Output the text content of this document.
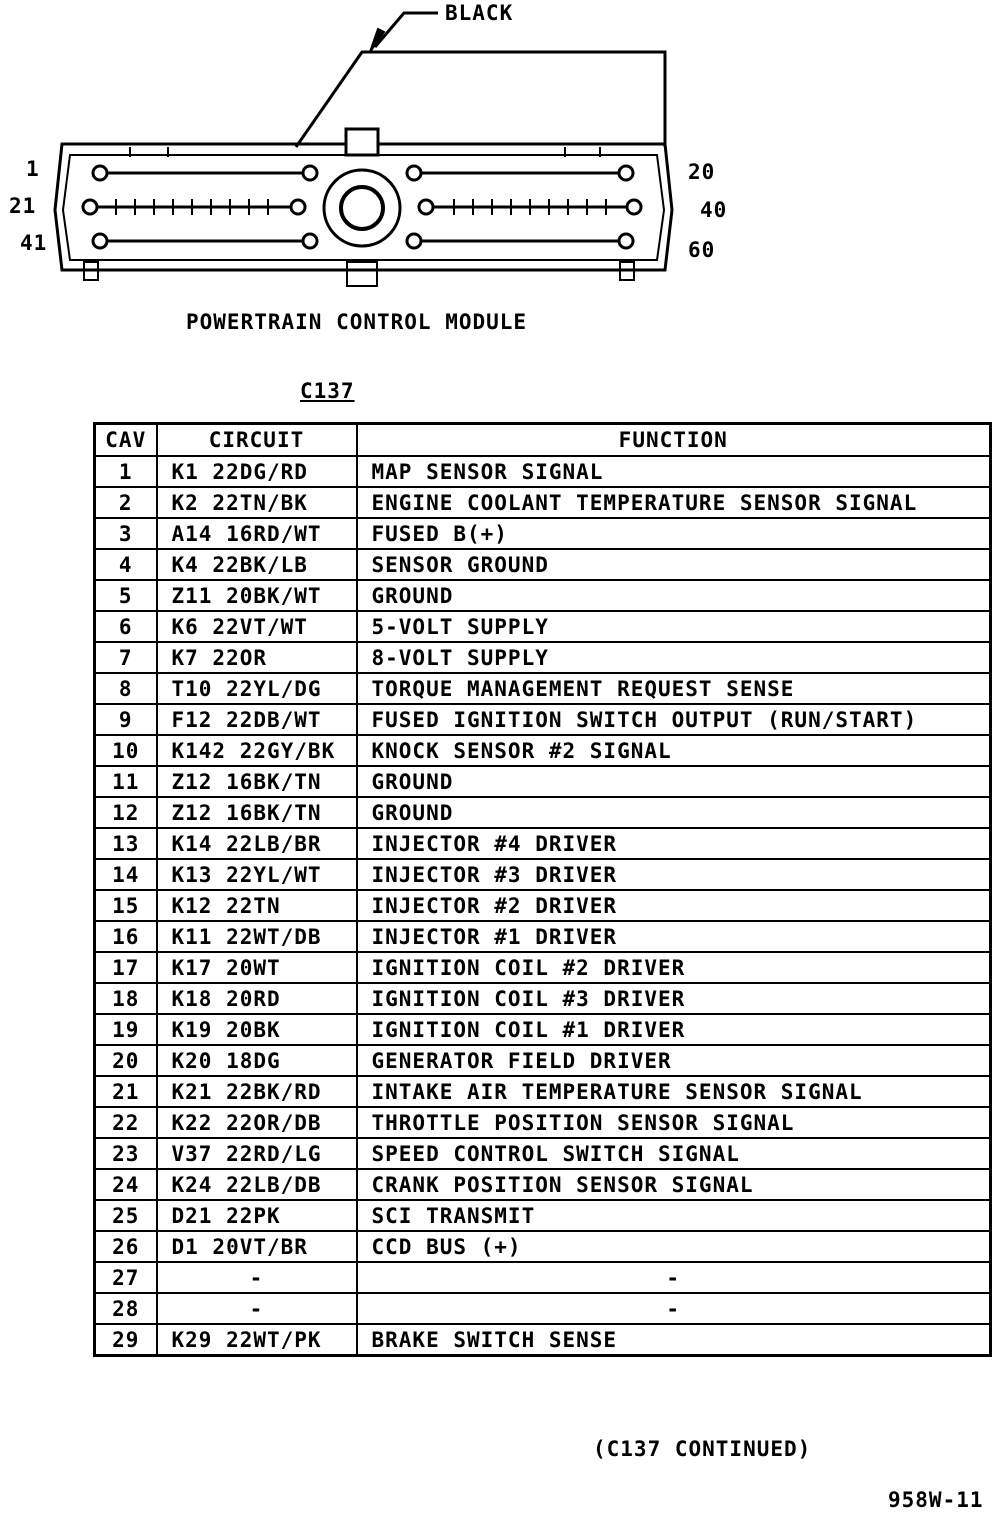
BLACK
1
21
41
20
40
60
POWERTRAIN CONTROL MODULE
C137
CAV	CIRCUIT	FUNCTION
1	K1 22DG/RD	MAP SENSOR SIGNAL
2	K2 22TN/BK	ENGINE COOLANT TEMPERATURE SENSOR SIGNAL
3	A14 16RD/WT	FUSED B(+)
4	K4 22BK/LB	SENSOR GROUND
5	Z11 20BK/WT	GROUND
6	K6 22VT/WT	5-VOLT SUPPLY
7	K7 22OR	8-VOLT SUPPLY
8	T10 22YL/DG	TORQUE MANAGEMENT REQUEST SENSE
9	F12 22DB/WT	FUSED IGNITION SWITCH OUTPUT (RUN/START)
10	K142 22GY/BK	KNOCK SENSOR #2 SIGNAL
11	Z12 16BK/TN	GROUND
12	Z12 16BK/TN	GROUND
13	K14 22LB/BR	INJECTOR #4 DRIVER
14	K13 22YL/WT	INJECTOR #3 DRIVER
15	K12 22TN	INJECTOR #2 DRIVER
16	K11 22WT/DB	INJECTOR #1 DRIVER
17	K17 20WT	IGNITION COIL #2 DRIVER
18	K18 20RD	IGNITION COIL #3 DRIVER
19	K19 20BK	IGNITION COIL #1 DRIVER
20	K20 18DG	GENERATOR FIELD DRIVER
21	K21 22BK/RD	INTAKE AIR TEMPERATURE SENSOR SIGNAL
22	K22 22OR/DB	THROTTLE POSITION SENSOR SIGNAL
23	V37 22RD/LG	SPEED CONTROL SWITCH SIGNAL
24	K24 22LB/DB	CRANK POSITION SENSOR SIGNAL
25	D21 22PK	SCI TRANSMIT
26	D1 20VT/BR	CCD BUS (+)
27	-	-
28	-	-
29	K29 22WT/PK	BRAKE SWITCH SENSE
(C137 CONTINUED)
958W-11
